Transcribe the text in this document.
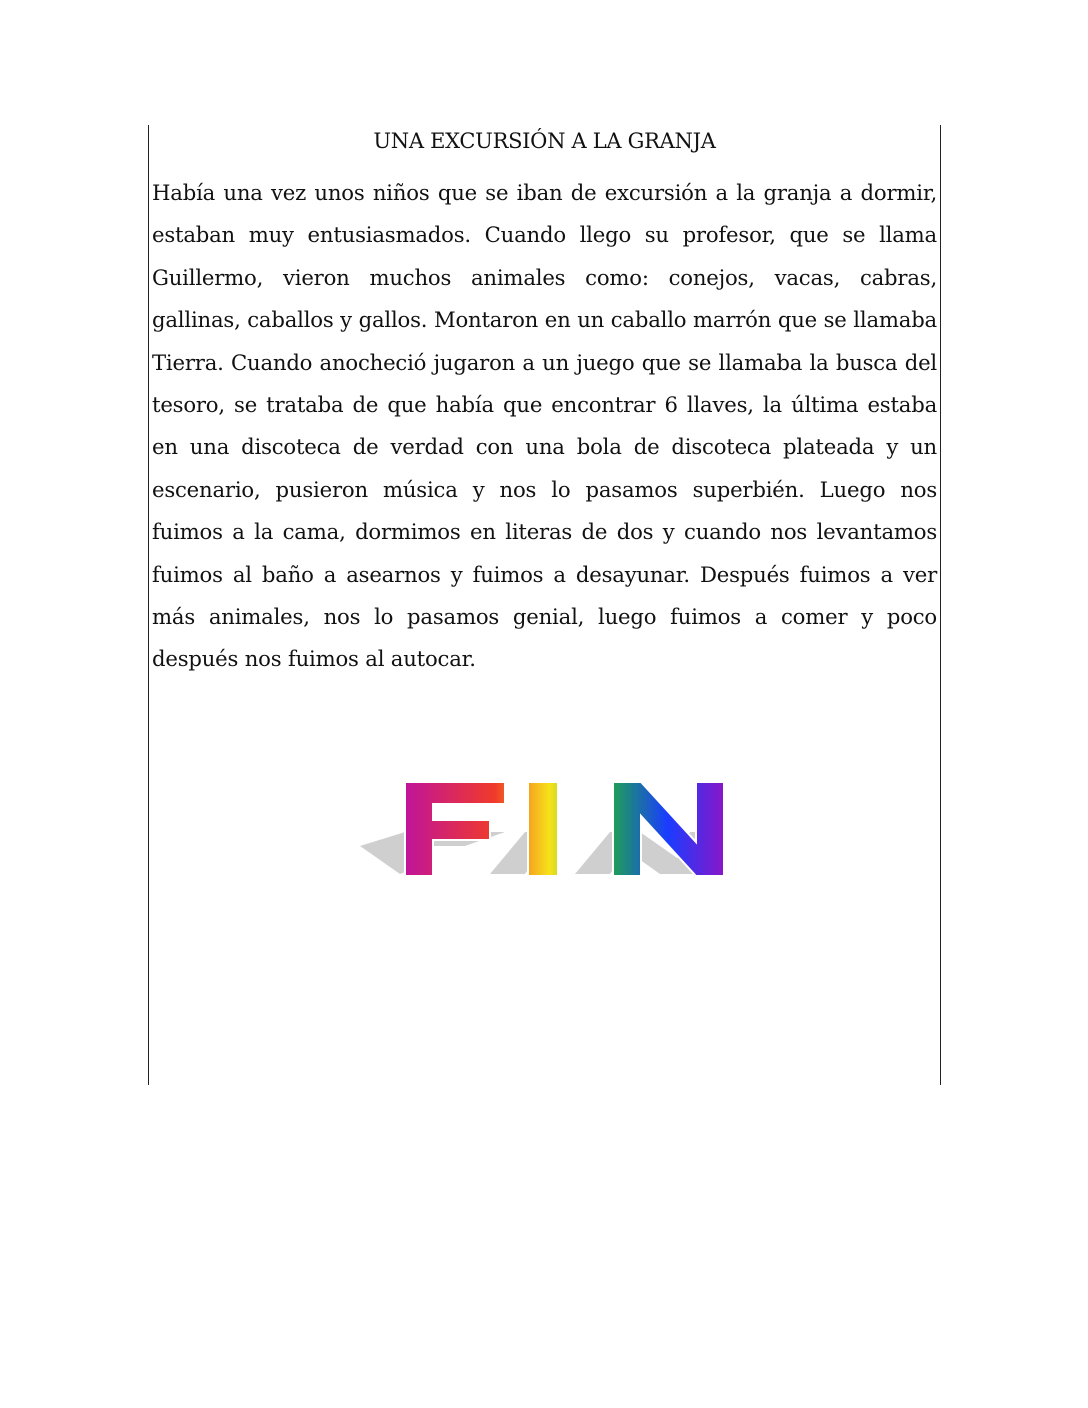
UNA EXCURSIÓN A LA GRANJA

Había una vez unos niños que se iban de excursión a la granja a dormir, estaban muy entusiasmados. Cuando llego su profesor, que se llama Guillermo, vieron muchos animales como: conejos, vacas, cabras, gallinas, caballos y gallos. Montaron en un caballo marrón que se llamaba Tierra. Cuando anocheció jugaron a un juego que se llamaba la busca del tesoro, se trataba de que había que encontrar 6 llaves, la última estaba en una discoteca de verdad con una bola de discoteca plateada y un escenario, pusieron música y nos lo pasamos superbién. Luego nos fuimos a la cama, dormimos en literas de dos y cuando nos levantamos fuimos al baño a asearnos y fuimos a desayunar. Después fuimos a ver más animales, nos lo pasamos genial, luego fuimos a comer y poco después nos fuimos al autocar.
